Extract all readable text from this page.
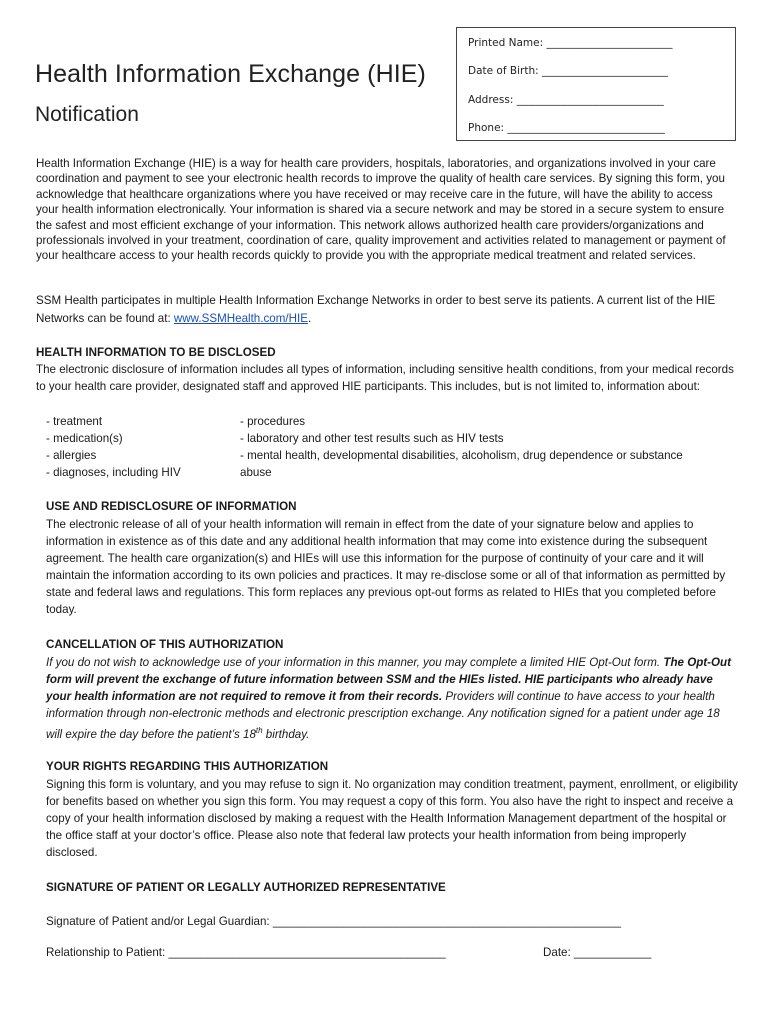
Health Information Exchange (HIE)
Notification
Printed Name: ________________________
Date of Birth: ________________________
Address: ____________________________
Phone: ______________________________
Health Information Exchange (HIE) is a way for health care providers, hospitals, laboratories, and organizations involved in your care coordination and payment to see your electronic health records to improve the quality of health care services. By signing this form, you acknowledge that healthcare organizations where you have received or may receive care in the future, will have the ability to access your health information electronically. Your information is shared via a secure network and may be stored in a secure system to ensure the safest and most efficient exchange of your information. This network allows authorized health care providers/organizations and professionals involved in your treatment, coordination of care, quality improvement and activities related to management or payment of your healthcare access to your health records quickly to provide you with the appropriate medical treatment and related services.
SSM Health participates in multiple Health Information Exchange Networks in order to best serve its patients. A current list of the HIE Networks can be found at: www.SSMHealth.com/HIE.
HEALTH INFORMATION TO BE DISCLOSED
The electronic disclosure of information includes all types of information, including sensitive health conditions, from your medical records to your health care provider, designated staff and approved HIE participants. This includes, but is not limited to, information about:
- treatment
- medication(s)
- allergies
- diagnoses, including HIV
- procedures
- laboratory and other test results such as HIV tests
- mental health, developmental disabilities, alcoholism, drug dependence or substance
abuse
USE AND REDISCLOSURE OF INFORMATION
The electronic release of all of your health information will remain in effect from the date of your signature below and applies to information in existence as of this date and any additional health information that may come into existence during the subsequent agreement. The health care organization(s) and HIEs will use this information for the purpose of continuity of your care and it will maintain the information according to its own policies and practices. It may re-disclose some or all of that information as permitted by state and federal laws and regulations. This form replaces any previous opt-out forms as related to HIEs that you completed before today.
CANCELLATION OF THIS AUTHORIZATION
If you do not wish to acknowledge use of your information in this manner, you may complete a limited HIE Opt-Out form. The Opt-Out form will prevent the exchange of future information between SSM and the HIEs listed. HIE participants who already have your health information are not required to remove it from their records. Providers will continue to have access to your health information through non-electronic methods and electronic prescription exchange. Any notification signed for a patient under age 18 will expire the day before the patient’s 18th birthday.
YOUR RIGHTS REGARDING THIS AUTHORIZATION
Signing this form is voluntary, and you may refuse to sign it. No organization may condition treatment, payment, enrollment, or eligibility for benefits based on whether you sign this form. You may request a copy of this form. You also have the right to inspect and receive a copy of your health information disclosed by making a request with the Health Information Management department of the hospital or the office staff at your doctor’s office. Please also note that federal law protects your health information from being improperly disclosed.
SIGNATURE OF PATIENT OR LEGALLY AUTHORIZED REPRESENTATIVE
Signature of Patient and/or Legal Guardian: ______________________________________________________
Relationship to Patient: ___________________________________________	Date: ____________
